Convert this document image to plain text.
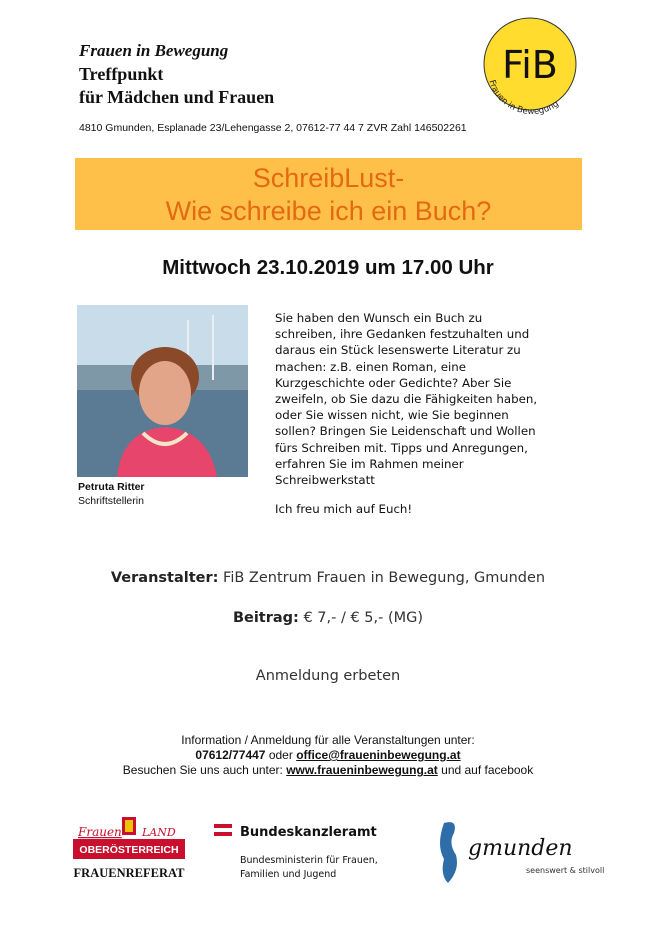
Frauen in Bewegung
Treffpunkt
für Mädchen und Frauen
4810 Gmunden, Esplanade 23/Lehengasse 2, 07612-77 44 7 ZVR Zahl 146502261
FiB
Frauen in Bewegung
SchreibLust-
Wie schreibe ich ein Buch?
Mittwoch 23.10.2019 um 17.00 Uhr
Petruta Ritter
Schriftstellerin

Sie haben den Wunsch ein Buch zu

schreiben, ihre Gedanken festzuhalten und

daraus ein Stück lesenswerte Literatur zu

machen: z.B. einen Roman, eine

Kurzgeschichte oder Gedichte? Aber Sie

zweifeln, ob Sie dazu die Fähigkeiten haben,

oder Sie wissen nicht, wie Sie beginnen

sollen? Bringen Sie Leidenschaft und Wollen

fürs Schreiben mit. Tipps und Anregungen,

erfahren Sie im Rahmen meiner

Schreibwerkstatt

Ich freu mich auf Euch!
Veranstalter: FiB Zentrum Frauen in Bewegung, Gmunden
Beitrag: € 7,- / € 5,- (MG)
Anmeldung erbeten
Information / Anmeldung für alle Veranstaltungen unter:
07612/77447 oder office@fraueninbewegung.at
Besuchen Sie uns auch unter: www.fraueninbewegung.at und auf facebook
Frauen LAND
OBERÖSTERREICH
FRAUENREFERAT
Bundeskanzleramt
Bundesministerin für Frauen,
Familien und Jugend
gmunden
seenswert & stilvoll
